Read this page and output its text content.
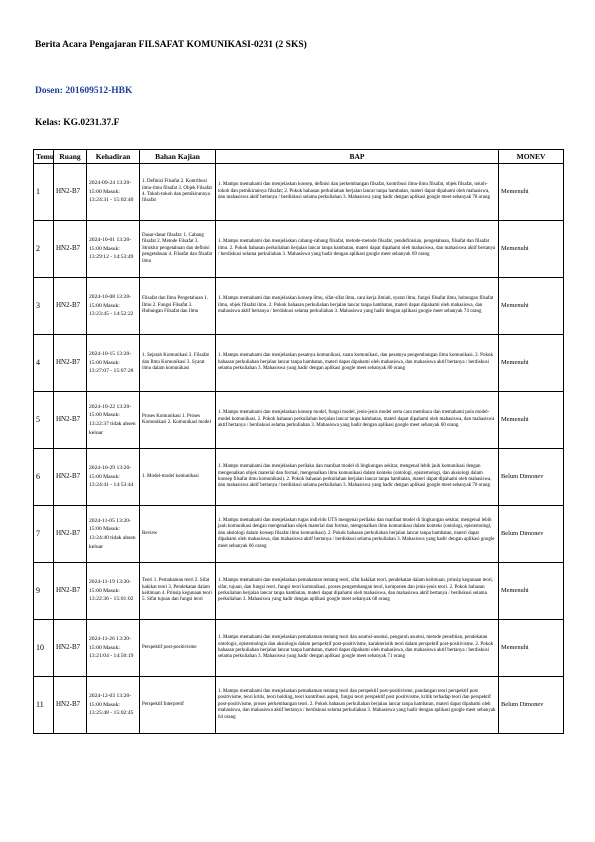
Berita Acara Pengajaran FILSAFAT KOMUNIKASI-0231 (2 SKS)
Dosen: 201609512-HBK
Kelas: KG.0231.37.F
Temu	Ruang	Kehadiran	Bahan Kajian	BAP	MONEV
1	HN2-B7	2024-09-24 13:20-15:00 Masuk: 13:24:31 - 15:02:40	1. Definisi Filsafat 2. Kontribusi ilmu-ilmu filsafat 3. Objek Filsafat 4. Tokoh-tokoh dan pemikirannya filsafat	1. Mampu memahami dan menjelaskan konsep, definisi dan perkembangan filsafat, kontribusi ilmu-ilmu filsafat, objek filsafat, tokoh-tokoh dan pemikirannya filsafat; 2. Pokok bahasan perkuliahan berjalan lancar tanpa hambatan, materi dapat dipahami oleh mahasiswa, dan mahasiswa aktif bertanya / berdiskusi selama perkuliahan 3. Mahasiswa yang hadir dengan aplikasi google meet sebanyak 78 orang	Memenuhi
2	HN2-B7	2024-10-01 13:20-15:00 Masuk: 13:29:12 - 14:53:49	Dasar-dasar filsafat: 1. Cabang filsafat 2. Metode Filsafat 3. Struktur pengetahuan dan definisi pengetahuan 4. Filsafat dan filsafat ilmu	1. Mampu memahami dan menjelaskan cabang-cabang filsafat, metode-metode filsafat, pendefinisian, pengetahuan, filsafat dan filsafat ilmu. 2. Pokok bahasan perkuliahan berjalan lancar tanpa hambatan, materi dapat dipahami oleh mahasiswa, dan mahasiswa aktif bertanya / berdiskusi selama perkuliahan 3. Mahasiswa yang hadir dengan aplikasi google meet sebanyak 69 orang	Memenuhi
3	HN2-B7	2024-10-08 13:20-15:00 Masuk: 13:23:45 - 14:52:22	Filsafat dan Ilmu Pengetahuan 1. Ilmu 2. Fungsi Filsafat 3. Hubungan Filsafat dan Ilmu	1. Mampu memahami dan menjelaskan konsep ilmu, sifat-sifat ilmu, cara kerja ilmiah, syarat ilmu, fungsi filsafat ilmu, hubungan filsafat ilmu, objek filsafat ilmu. 2. Pokok bahasan perkuliahan berjalan lancar tanpa hambatan, materi dapat dipahami oleh mahasiswa, dan mahasiswa aktif bertanya / berdiskusi selama perkuliahan 3. Mahasiswa yang hadir dengan aplikasi google meet sebanyak 74 orang	Memenuhi
4	HN2-B7	2024-10-15 13:20-15:00 Masuk: 13:27:07 - 15:07:28	1. Sejarah Komunikasi 2. Filsafat dan Ilmu Komunikasi 3. Syarat ilmu dalam komunikasi	1. Mampu memahami dan menjelaskan pesatnya komunikasi, suatu komunikasi, dan pesatnya pengembangan ilmu komunikasi. 2. Pokok bahasan perkuliahan berjalan lancar tanpa hambatan, materi dapat dipahami oleh mahasiswa, dan mahasiswa aktif bertanya / berdiskusi selama perkuliahan 3. Mahasiswa yang hadir dengan aplikasi google meet sebanyak 80 orang	Memenuhi
5	HN2-B7	2024-10-22 13:20-15:00 Masuk: 13:22:37 tidak absen keluar	Proses Komunikasi 1. Proses Komunikasi 2. Komunikasi model	1. Mampu memahami dan menjelaskan konsep model, fungsi model, jenis-jenis model serta cara membaca dan memahami pola model-model komunikasi. 2. Pokok bahasan perkuliahan berjalan lancar tanpa hambatan, materi dapat dipahami oleh mahasiswa, dan mahasiswa aktif bertanya / berdiskusi selama perkuliahan 3. Mahasiswa yang hadir dengan aplikasi google meet sebanyak 60 orang	Memenuhi
6	HN2-B7	2024-10-29 13:20-15:00 Masuk: 13:24:41 - 14:53:44	1. Model-model komunikasi	1. Mampu memahami dan menjelaskan perilaku dan manfaat model di lingkungan sekitar, mengenal lebih jauh komunikasi dengan mengenalkan objek material dan formal, mengenalkan ilmu komunikasi dalam konteks (ontologi, epistemologi, dan aksiologi dalam konsep filsafat ilmu komunikasi). 2. Pokok bahasan perkuliahan berjalan lancar tanpa hambatan, materi dapat dipahami oleh mahasiswa, dan mahasiswa aktif bertanya / berdiskusi selama perkuliahan 3. Mahasiswa yang hadir dengan aplikasi google meet sebanyak 70 orang	Belum Dimonev
7	HN2-B7	2024-11-05 13:20-15:00 Masuk: 13:24:40 tidak absen keluar	Review	1. Mampu memahami dan menjelaskan tugas individu UTS mengenai perilaku dan manfaat model di lingkungan sekitar, mengenal lebih jauh komunikasi dengan mengenalkan objek material dan formal, mengenalkan ilmu komunikasi dalam konteks (ontologi, epistemologi, dan aksiologi dalam konsep filsafat ilmu komunikasi). 2. Pokok bahasan perkuliahan berjalan lancar tanpa hambatan, materi dapat dipahami oleh mahasiswa, dan mahasiswa aktif bertanya / berdiskusi selama perkuliahan 3. Mahasiswa yang hadir dengan aplikasi google meet sebanyak 66 orang	Belum Dimonev
9	HN2-B7	2024-11-19 13:20-15:00 Masuk: 13:22:36 - 15:01:02	Teori 1. Pemahaman teori 2. Sifat hakikat teori 3. Pendekatan dalam keilmuan 4. Prinsip kegunaan teori 5. Sifat tujuan dan fungsi teori	1. Mampu memahami dan menjelaskan pemahaman tentang teori, sifat hakikat teori, pendekatan dalam keilmuan, prinsip kegunaan teori, sifat, tujuan, dan fungsi teori, fungsi teori komunikasi, proses pengembangan teori, komponen dan jenis-jenis teori. 2. Pokok bahasan perkuliahan berjalan lancar tanpa hambatan, materi dapat dipahami oleh mahasiswa, dan mahasiswa aktif bertanya / berdiskusi selama perkuliahan 3. Mahasiswa yang hadir dengan aplikasi google meet sebanyak 68 orang	Memenuhi
10	HN2-B7	2024-11-26 13:20-15:00 Masuk: 13:21:04 - 14:50:19	Perspektif post-positivisme	1. Mampu memahami dan menjelaskan pemahaman tentang teori dan asumsi-asumsi, pengaruh asumsi, metode penelitian, pendekatan ontologis, epistemologis dan aksiologis dalam perspektif post-positivisme, karakteristik teori dalam perspektif post-positivisme. 2. Pokok bahasan perkuliahan berjalan lancar tanpa hambatan, materi dapat dipahami oleh mahasiswa, dan mahasiswa aktif bertanya / berdiskusi selama perkuliahan 3. Mahasiswa yang hadir dengan aplikasi google meet sebanyak 71 orang	Memenuhi
11	HN2-B7	2024-12-03 13:20-15:00 Masuk: 13:25:48 - 15:02:45	Perspektif Interpretif	1. Mampu memahami dan menjelaskan pemahaman tentang teori dan perspektif post-positivisme, pandangan teori perspektif post positivisme, teori kritis, teori holding, teori kontribusi aspek, fungsi teori perspektif post positivisme, kritik terhadap teori dan perspektif post-positivisme, proses perkembangan teori. 2. Pokok bahasan perkuliahan berjalan lancar tanpa hambatan, materi dapat dipahami oleh mahasiswa, dan mahasiswa aktif bertanya / berdiskusi selama perkuliahan 3. Mahasiswa yang hadir dengan aplikasi google meet sebanyak 64 orang	Belum Dimonev
